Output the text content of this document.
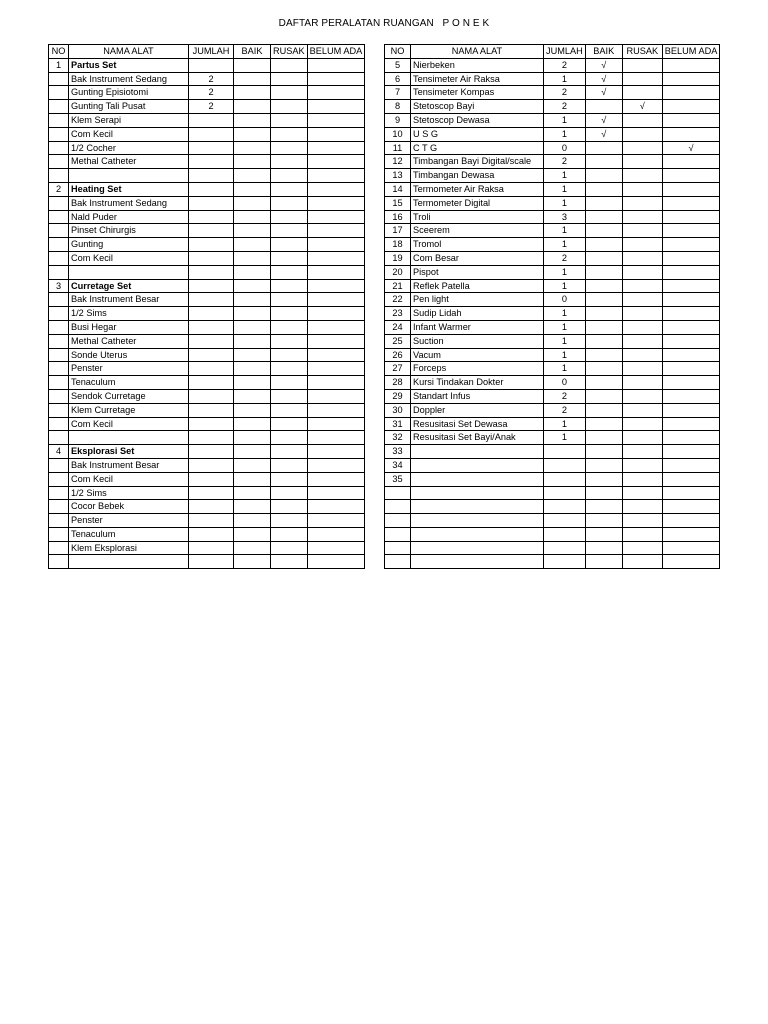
DAFTAR PERALATAN RUANGAN   P O N E K
NO	NAMA ALAT	JUMLAH	BAIK	RUSAK	BELUM ADA
1	Partus Set				
	Bak Instrument Sedang	2			
	Gunting Episiotomi	2			
	Gunting Tali Pusat	2			
	Klem Serapi				
	Com Kecil				
	1/2 Cocher				
	Methal Catheter				

2	Heating Set				
	Bak Instrument Sedang				
	Nald Puder				
	Pinset Chirurgis				
	Gunting				
	Com Kecil				

3	Curretage Set				
	Bak Instrument Besar				
	1/2 Sims				
	Busi Hegar				
	Methal Catheter				
	Sonde Uterus				
	Penster				
	Tenaculum				
	Sendok Curretage				
	Klem Curretage				
	Com Kecil				

4	Eksplorasi Set				
	Bak Instrument Besar				
	Com Kecil				
	1/2 Sims				
	Cocor Bebek				
	Penster				
	Tenaculum				
	Klem Eksplorasi				

NO	NAMA ALAT	JUMLAH	BAIK	RUSAK	BELUM ADA
5	Nierbeken	2	√		
6	Tensimeter Air Raksa	1	√		
7	Tensimeter Kompas	2	√		
8	Stetoscop Bayi	2		√	
9	Stetoscop Dewasa	1	√		
10	U S G	1	√		
11	C T G	0			√
12	Timbangan Bayi Digital/scale	2			
13	Timbangan Dewasa	1			
14	Termometer Air Raksa	1			
15	Termometer Digital	1			
16	Troli	3			
17	Sceerem	1			
18	Tromol	1			
19	Com Besar	2			
20	Pispot	1			
21	Reflek Patella	1			
22	Pen light	0			
23	Sudip Lidah	1			
24	Infant Warmer	1			
25	Suction	1			
26	Vacum	1			
27	Forceps	1			
28	Kursi Tindakan Dokter	0			
29	Standart Infus	2			
30	Doppler	2			
31	Resusitasi Set Dewasa	1			
32	Resusitasi Set Bayi/Anak	1			
33					
34					
35					
